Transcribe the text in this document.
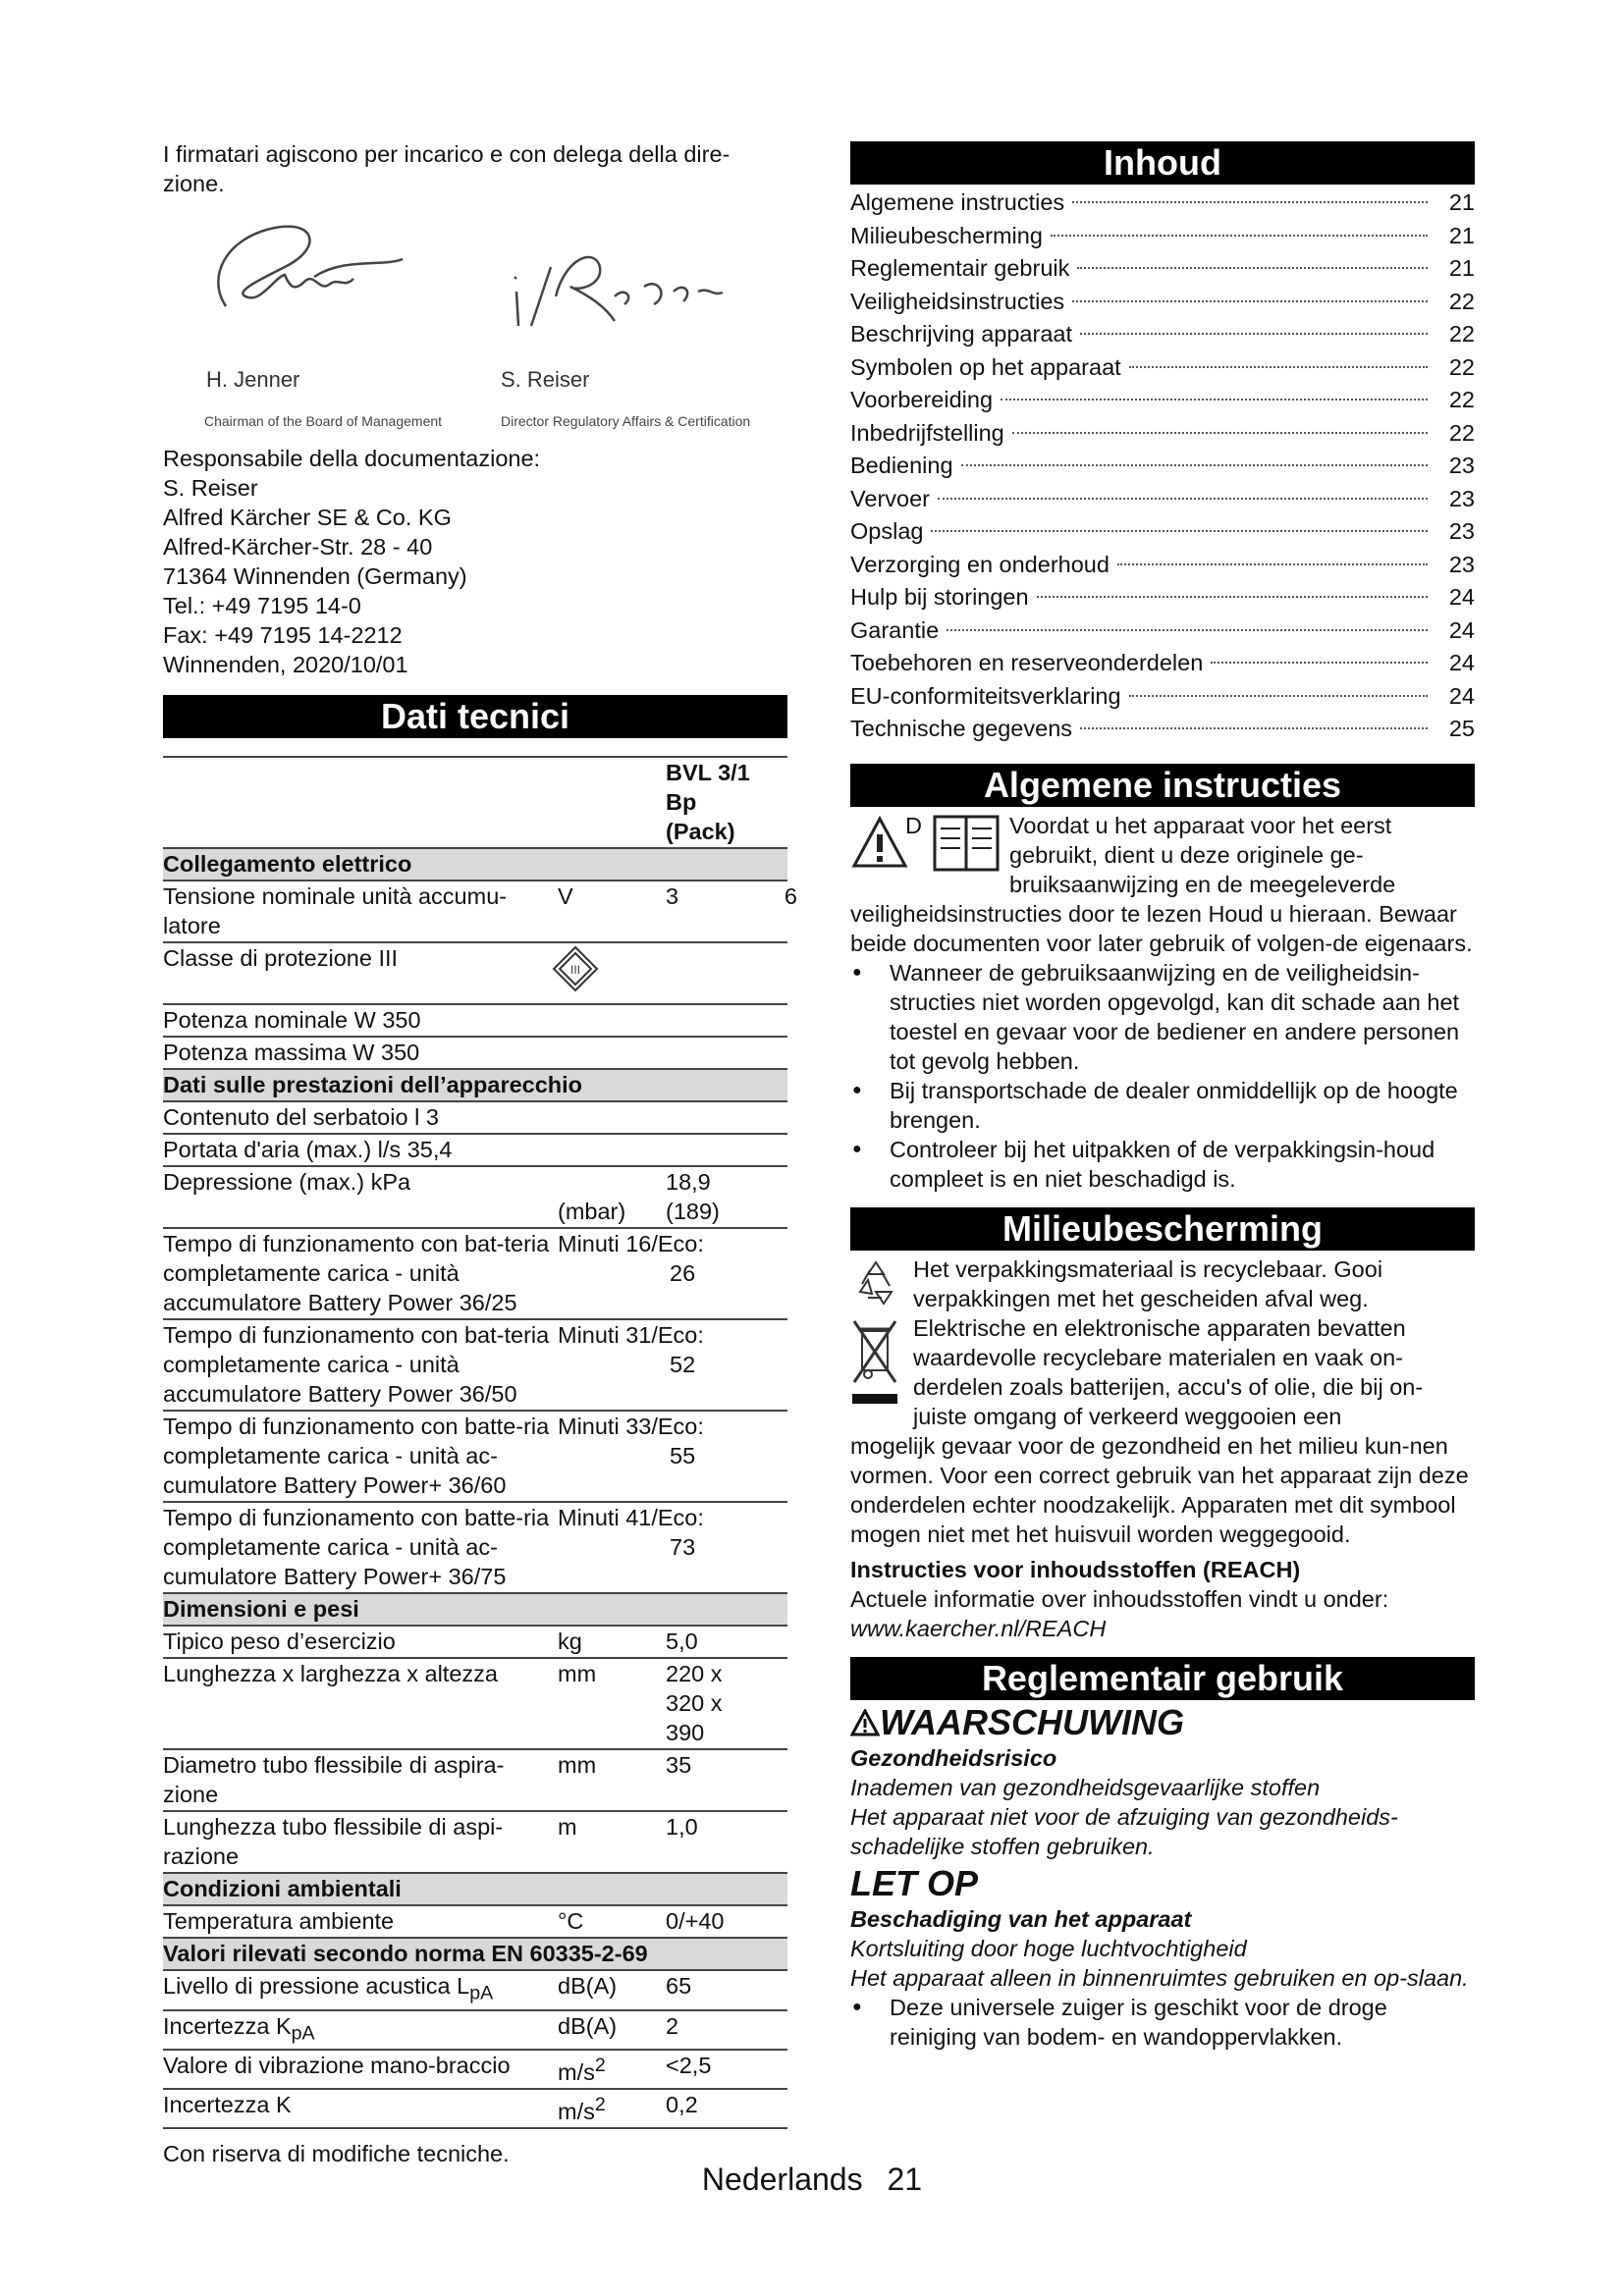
I firmatari agiscono per incarico e con delega della dire-

zione.

H. Jenner
Chairman of the Board of Management
S. Reiser
Director Regulatory Affairs & Certification

Responsabile della documentazione:

S. Reiser

Alfred Kärcher SE & Co. KG

Alfred-Kärcher-Str. 28 - 40

71364 Winnenden (Germany)

Tel.: +49 7195 14-0

Fax: +49 7195 14-2212

Winnenden, 2020/10/01

Dati tecnici

		BVL 3/1
Bp
(Pack)

Collegamento elettrico		
Tensione nominale unità accumu-latore	V	3 6

Classe di protezione III	III	

Potenza nominale W 350		
Potenza massima W 350		
Dati sulle prestazioni dell’apparecchio		
Contenuto del serbatoio l 3		
Portata d'aria (max.) l/s 35,4		
Depressione (max.) kPa	(mbar)	18,9
(189)

Tempo di funzionamento con bat-teria completamente carica - unità accumulatore Battery Power 36/25	Minuti 16/Eco:
26	

Tempo di funzionamento con bat-teria completamente carica - unità accumulatore Battery Power 36/50	Minuti 31/Eco:
52	

Tempo di funzionamento con batte-ria completamente carica - unità ac-cumulatore Battery Power+ 36/60	Minuti 33/Eco:
55	

Tempo di funzionamento con batte-ria completamente carica - unità ac-cumulatore Battery Power+ 36/75	Minuti 41/Eco:
73	

Dimensioni e pesi		
Tipico peso d’esercizio	kg	5,0
Lunghezza x larghezza x altezza	mm	220 x
320 x
390

Diametro tubo flessibile di aspira-zione	mm	35
Lunghezza tubo flessibile di aspi-razione	m	1,0
Condizioni ambientali		
Temperatura ambiente	°C	0/+40
Valori rilevati secondo norma EN 60335-2-69		
Livello di pressione acustica $L_{pA}$	dB(A)	65
Incertezza $K_{pA}$	dB(A)	2
Valore di vibrazione mano-braccio	$m/s^2$	<2,5
Incertezza K	$m/s^2$	0,2

Con riserva di modifiche tecniche.

Inhoud
Algemene instructies	21
Milieubescherming	21
Reglementair gebruik	21
Veiligheidsinstructies	22
Beschrijving apparaat	22
Symbolen op het apparaat	22
Voorbereiding	22
Inbedrijfstelling	22
Bediening	23
Vervoer	23
Opslag	23
Verzorging en onderhoud	23
Hulp bij storingen	24
Garantie	24
Toebehoren en reserveonderdelen	24
EU-conformiteitsverklaring	24
Technische gegevens	25
Algemene instructies
D	Voordat u het apparaat voor het eerst

gebruikt, dient u deze originele ge-

bruiksaanwijzing en de meegeleverde

veiligheidsinstructies door te lezen Houd u hieraan. Bewaar beide documenten voor later gebruik of volgen-de eigenaars.

● Wanneer de gebruiksaanwijzing en de veiligheidsin-structies niet worden opgevolgd, kan dit schade aan het toestel en gevaar voor de bediener en andere personen tot gevolg hebben.
● Bij transportschade de dealer onmiddellijk op de hoogte brengen.
● Controleer bij het uitpakken of de verpakkingsin-houd compleet is en niet beschadigd is.
Milieubescherming

Het verpakkingsmateriaal is recyclebaar. Gooi verpakkingen met het gescheiden afval weg.

Elektrische en elektronische apparaten bevatten

waardevolle recyclebare materialen en vaak on-

derdelen zoals batterijen, accu's of olie, die bij on-

juiste omgang of verkeerd weggooien een

mogelijk gevaar voor de gezondheid en het milieu kun-nen vormen. Voor een correct gebruik van het apparaat zijn deze onderdelen echter noodzakelijk. Apparaten met dit symbool mogen niet met het huisvuil worden weggegooid.

Instructies voor inhoudsstoffen (REACH)

Actuele informatie over inhoudsstoffen vindt u onder:

www.kaercher.nl/REACH

Reglementair gebruik
WAARSCHUWING

Gezondheidsrisico

Inademen van gezondheidsgevaarlijke stoffen

Het apparaat niet voor de afzuiging van gezondheids-schadelijke stoffen gebruiken.

LET OP

Beschadiging van het apparaat

Kortsluiting door hoge luchtvochtigheid

Het apparaat alleen in binnenruimtes gebruiken en op-slaan.

● Deze universele zuiger is geschikt voor de droge reiniging van bodem- en wandoppervlakken.
Nederlands 21
